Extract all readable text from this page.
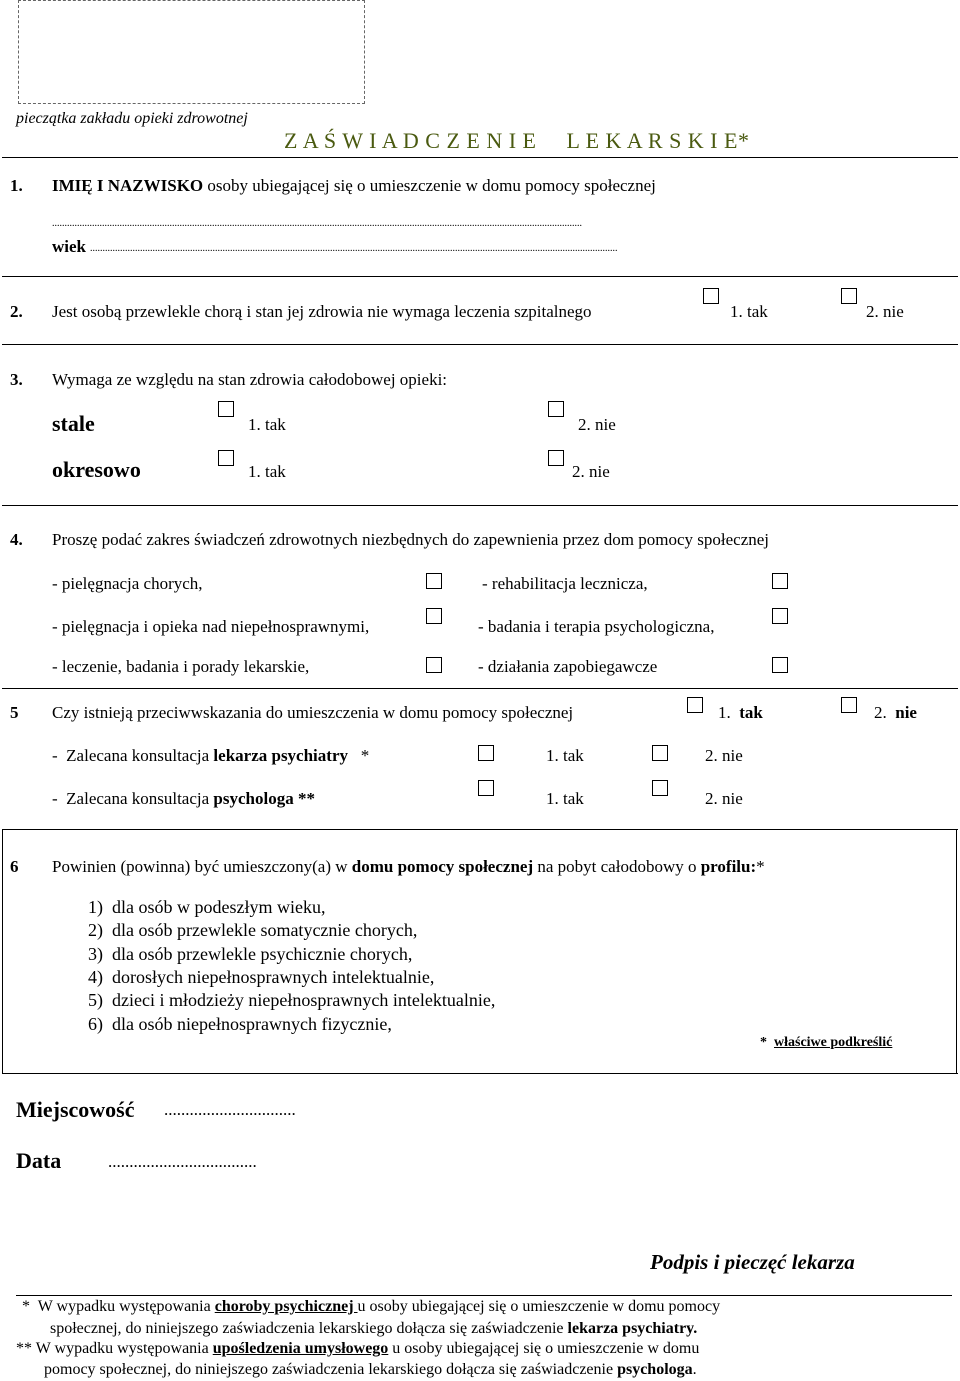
pieczątka zakładu opieki zdrowotnej
Z A Ś W I A D C Z E N I E     L E K A R S K I E*
1. IMIĘ I NAZWISKO osoby ubiegającej się o umieszczenie w domu pomocy społecznej
....................................................................................................................................................................................................................
wiek ...................................................................................................................................................................................................................
2. Jest osobą przewlekle chorą i stan jej zdrowia nie wymaga leczenia szpitalnego	1. tak	2. nie
3. Wymaga ze względu na stan zdrowia całodobowej opieki:
stale	1. tak	2. nie
okresowo	1. tak	2. nie
4. Proszę podać zakres świadczeń zdrowotnych niezbędnych do zapewnienia przez dom pomocy społecznej
- pielęgnacja chorych,	- rehabilitacja lecznicza,
- pielęgnacja i opieka nad niepełnosprawnymi,	- badania i terapia psychologiczna,
- leczenie, badania i porady lekarskie,	- działania zapobiegawcze
5 Czy istnieją przeciwwskazania do umieszczenia w domu pomocy społecznej	1. tak	2. nie
-  Zalecana konsultacja lekarza psychiatry   *	1. tak	2. nie
-  Zalecana konsultacja psychologa **	1. tak	2. nie
6 Powinien (powinna) być umieszczony(a) w domu pomocy społecznej na pobyt całodobowy o profilu:*
1)  dla osób w podeszłym wieku,
2)  dla osób przewlekle somatycznie chorych,
3)  dla osób przewlekle psychicznie chorych,
4)  dorosłych niepełnosprawnych intelektualnie,
5)  dzieci i młodzieży niepełnosprawnych intelektualnie,
6)  dla osób niepełnosprawnych fizycznie,
* właściwe podkreślić
Miejscowość ...............................
Data	...................................
Podpis i pieczęć lekarza
*  W wypadku występowania choroby psychicznej u osoby ubiegającej się o umieszczenie w domu pomocy
społecznej, do niniejszego zaświadczenia lekarskiego dołącza się zaświadczenie lekarza psychiatry.
** W wypadku występowania upośledzenia umysłowego u osoby ubiegającej się o umieszczenie w domu
pomocy społecznej, do niniejszego zaświadczenia lekarskiego dołącza się zaświadczenie psychologa.
